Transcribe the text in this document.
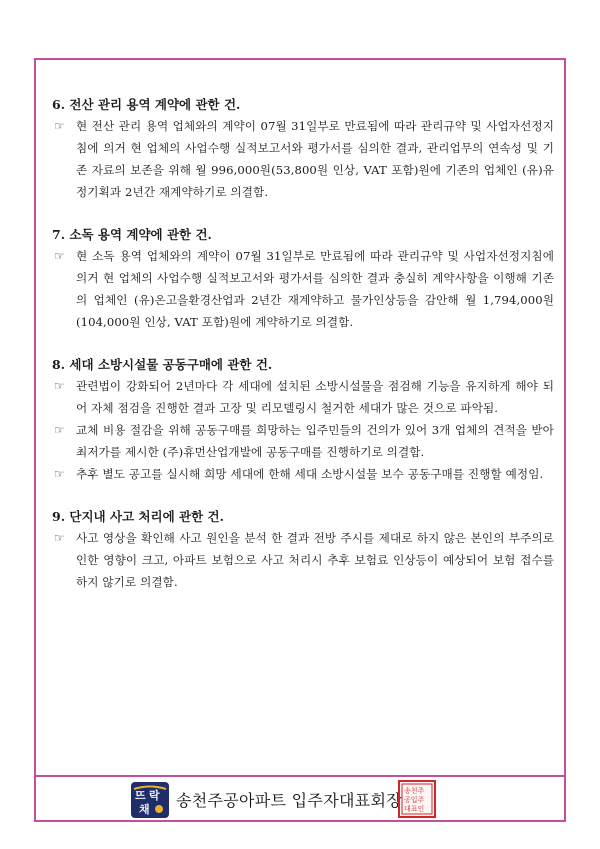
6. 전산 관리 용역 계약에 관한 건.
☞ 현 전산 관리 용역 업체와의 계약이 07월 31일부로 만료됨에 따라 관리규약 및 사업자선정지침에 의거 현 업체의 사업수행 실적보고서와 평가서를 심의한 결과, 관리업무의 연속성 및 기존 자료의 보존을 위해 월 996,000원(53,800원 인상, VAT 포함)원에 기존의 업체인 (유)유정기획과 2년간 재계약하기로 의결함.
7. 소독 용역 계약에 관한 건.
☞ 현 소독 용역 업체와의 계약이 07월 31일부로 만료됨에 따라 관리규약 및 사업자선정지침에 의거 현 업체의 사업수행 실적보고서와 평가서를 심의한 결과 충실히 계약사항을 이행해 기존의 업체인 (유)온고을환경산업과 2년간 재계약하고 물가인상등을 감안해 월 1,794,000원(104,000원 인상, VAT 포함)원에 계약하기로 의결함.
8. 세대 소방시설물 공동구매에 관한 건.
☞ 관련법이 강화되어 2년마다 각 세대에 설치된 소방시설물을 점검해 기능을 유지하게 해야 되어 자체 점검을 진행한 결과 고장 및 리모델링시 철거한 세대가 많은 것으로 파악됨.
☞ 교체 비용 절감을 위해 공동구매를 희망하는 입주민들의 건의가 있어 3개 업체의 견적을 받아 최저가를 제시한 (주)휴먼산업개발에 공동구매를 진행하기로 의결함.
☞ 추후 별도 공고를 실시해 희망 세대에 한해 세대 소방시설물 보수 공동구매를 진행할 예정임.
9. 단지내 사고 처리에 관한 건.
☞ 사고 영상을 확인해 사고 원인을 분석 한 결과 전방 주시를 제대로 하지 않은 본인의 부주의로 인한 영향이 크고, 아파트 보험으로 사고 처리시 추후 보험료 인상등이 예상되어 보험 접수를 하지 않기로 의결함.
뜨 락
채 송천주공아파트 입주자대표회장 송천주
공입주
대표인
